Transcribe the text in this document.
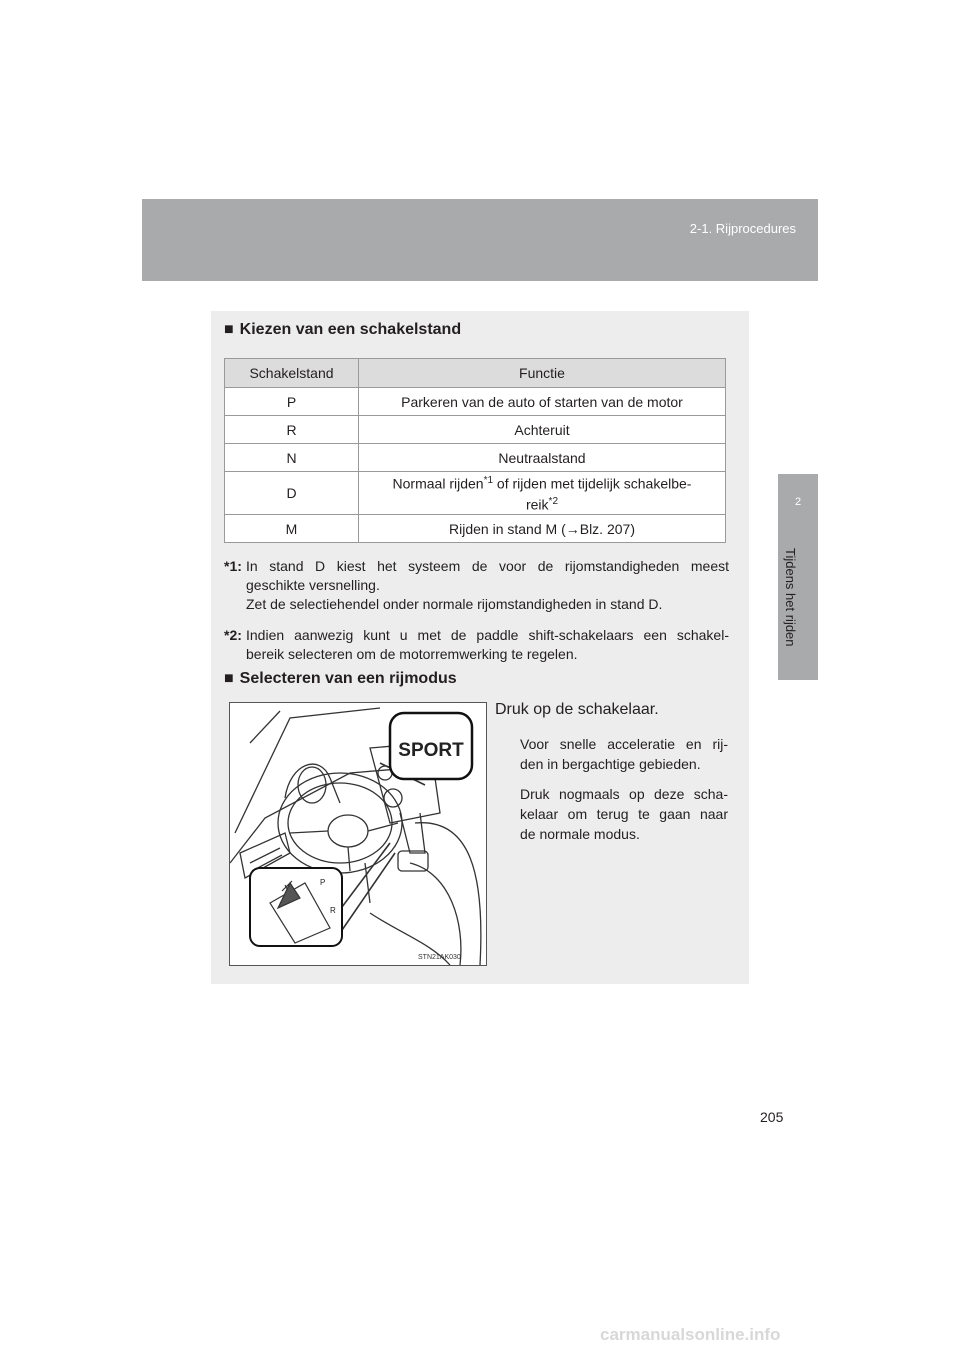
2-1. Rijprocedures
2
Tijdens het rijden
■ Kiezen van een schakelstand
Schakelstand	Functie
P	Parkeren van de auto of starten van de motor
R	Achteruit
N	Neutraalstand
D	Normaal rijden$^{*1}$ of rijden met tijdelijk schakelbe-
reik$^{*2}$
M	Rijden in stand M (→Blz. 207)
*1: In stand D kiest het systeem de voor de rijomstandigheden meest
geschikte versnelling.
Zet de selectiehendel onder normale rijomstandigheden in stand D.
*2: Indien aanwezig kunt u met de paddle shift-schakelaars een schakel-
bereik selecteren om de motorremwerking te regelen.
■ Selecteren van een rijmodus
SPORT
P
R
STN21AK030
Druk op de schakelaar.
Voor snelle acceleratie en rij-
den in bergachtige gebieden.
Druk nogmaals op deze scha-
kelaar om terug te gaan naar
de normale modus.
205
carmanualsonline.info
